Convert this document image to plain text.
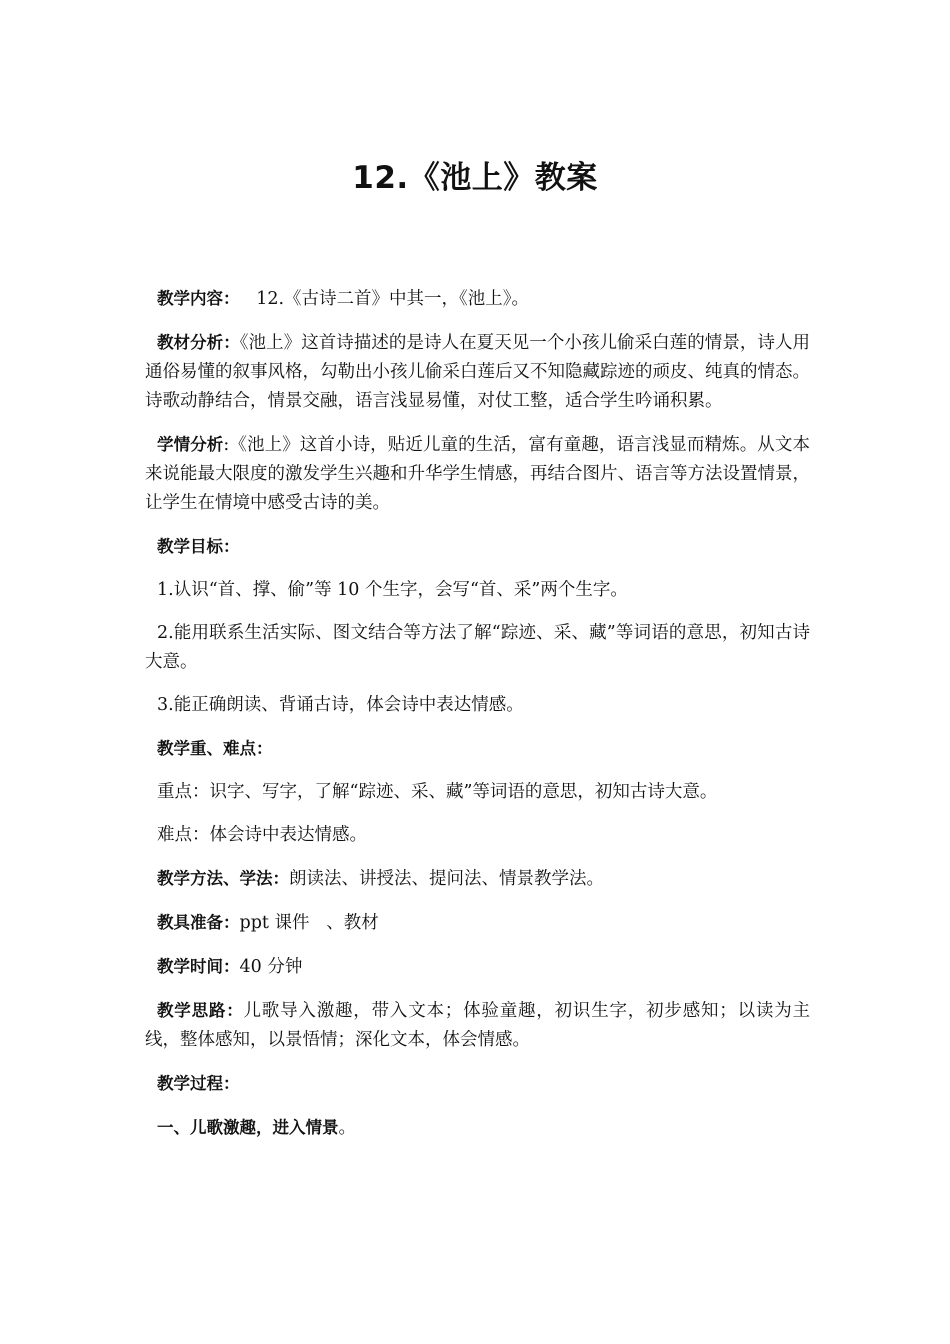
12.《池上》教案

教学内容：   12.《古诗二首》中其一，《池上》。

教材分析：《池上》这首诗描述的是诗人在夏天见一个小孩儿偷采白莲的情景，诗人用通俗易懂的叙事风格，勾勒出小孩儿偷采白莲后又不知隐藏踪迹的顽皮、纯真的情态。诗歌动静结合，情景交融，语言浅显易懂，对仗工整，适合学生吟诵积累。

学情分析:《池上》这首小诗，贴近儿童的生活，富有童趣，语言浅显而精炼。从文本来说能最大限度的激发学生兴趣和升华学生情感，再结合图片、语言等方法设置情景，让学生在情境中感受古诗的美。

教学目标：

1.认识“首、撑、偷”等 10 个生字，会写“首、采”两个生字。

2.能用联系生活实际、图文结合等方法了解“踪迹、采、藏”等词语的意思，初知古诗大意。

3.能正确朗读、背诵古诗，体会诗中表达情感。

教学重、难点：

重点：识字、写字，了解“踪迹、采、藏”等词语的意思，初知古诗大意。

难点：体会诗中表达情感。

教学方法、学法：朗读法、讲授法、提问法、情景教学法。

教具准备：ppt 课件   、教材

教学时间：40 分钟

教学思路：儿歌导入激趣，带入文本；体验童趣，初识生字，初步感知；以读为主线，整体感知，以景悟情；深化文本，体会情感。

教学过程：

一、儿歌激趣，进入情景。
